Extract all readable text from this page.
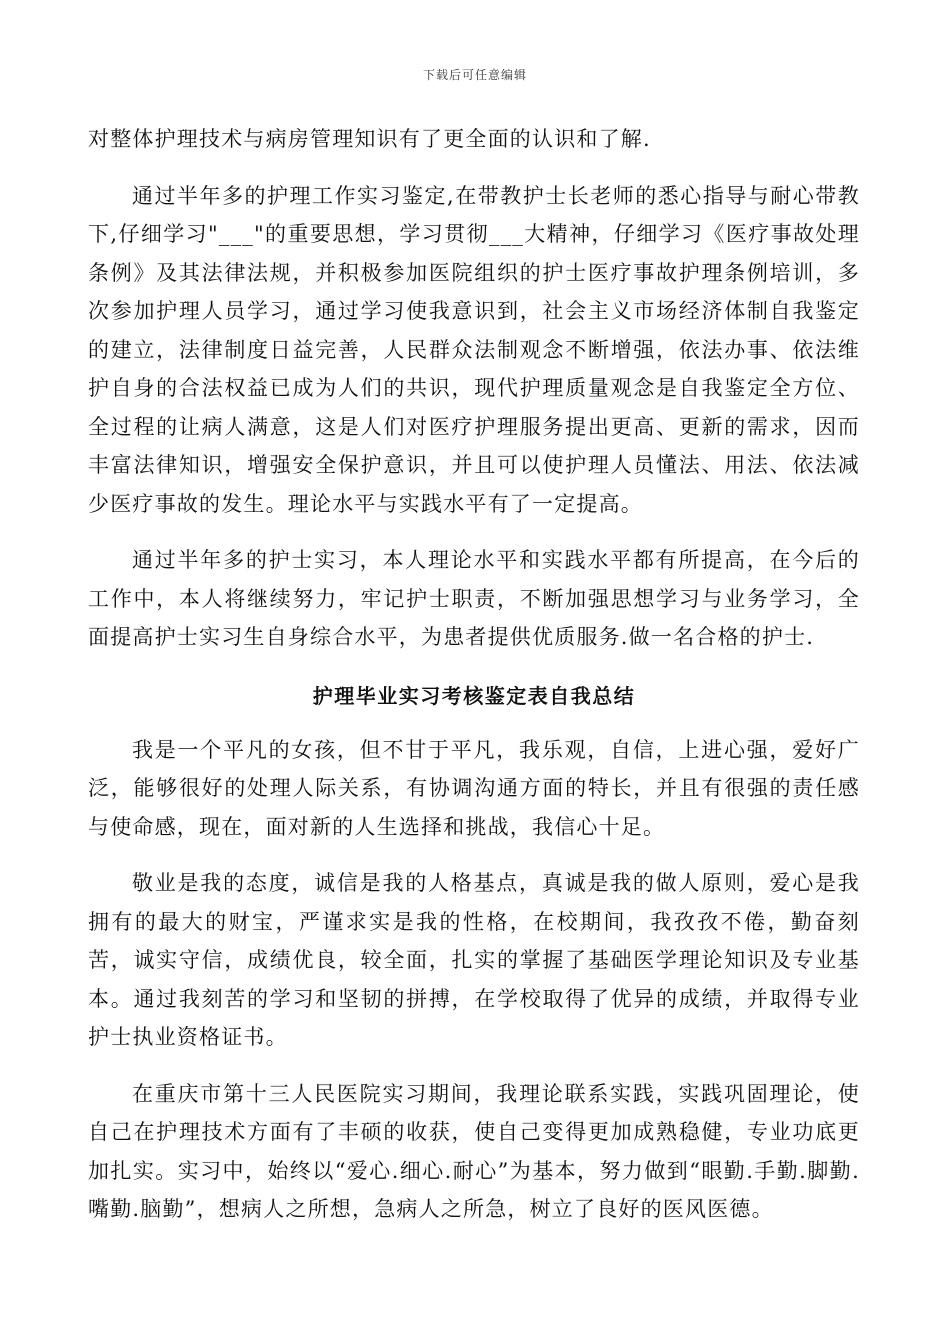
下载后可任意编辑

对整体护理技术与病房管理知识有了更全面的认识和了解.

通过半年多的护理工作实习鉴定,在带教护士长老师的悉心指导与耐心带教下,仔细学习"___"的重要思想，学习贯彻___大精神，仔细学习《医疗事故处理条例》及其法律法规，并积极参加医院组织的护士医疗事故护理条例培训，多次参加护理人员学习，通过学习使我意识到，社会主义市场经济体制自我鉴定的建立，法律制度日益完善，人民群众法制观念不断增强，依法办事、依法维护自身的合法权益已成为人们的共识，现代护理质量观念是自我鉴定全方位、全过程的让病人满意，这是人们对医疗护理服务提出更高、更新的需求，因而丰富法律知识，增强安全保护意识，并且可以使护理人员懂法、用法、依法减少医疗事故的发生。理论水平与实践水平有了一定提高。

通过半年多的护士实习，本人理论水平和实践水平都有所提高，在今后的工作中，本人将继续努力，牢记护士职责，不断加强思想学习与业务学习，全面提高护士实习生自身综合水平，为患者提供优质服务.做一名合格的护士.

护理毕业实习考核鉴定表自我总结

我是一个平凡的女孩，但不甘于平凡，我乐观，自信，上进心强，爱好广泛，能够很好的处理人际关系，有协调沟通方面的特长，并且有很强的责任感与使命感，现在，面对新的人生选择和挑战，我信心十足。

敬业是我的态度，诚信是我的人格基点，真诚是我的做人原则，爱心是我拥有的最大的财宝，严谨求实是我的性格，在校期间，我孜孜不倦，勤奋刻苦，诚实守信，成绩优良，较全面，扎实的掌握了基础医学理论知识及专业基本。通过我刻苦的学习和坚韧的拼搏，在学校取得了优异的成绩，并取得专业护士执业资格证书。

在重庆市第十三人民医院实习期间，我理论联系实践，实践巩固理论，使自己在护理技术方面有了丰硕的收获，使自己变得更加成熟稳健，专业功底更加扎实。实习中，始终以“爱心.细心.耐心”为基本，努力做到“眼勤.手勤.脚勤.嘴勤.脑勤”，想病人之所想，急病人之所急，树立了良好的医风医德。
